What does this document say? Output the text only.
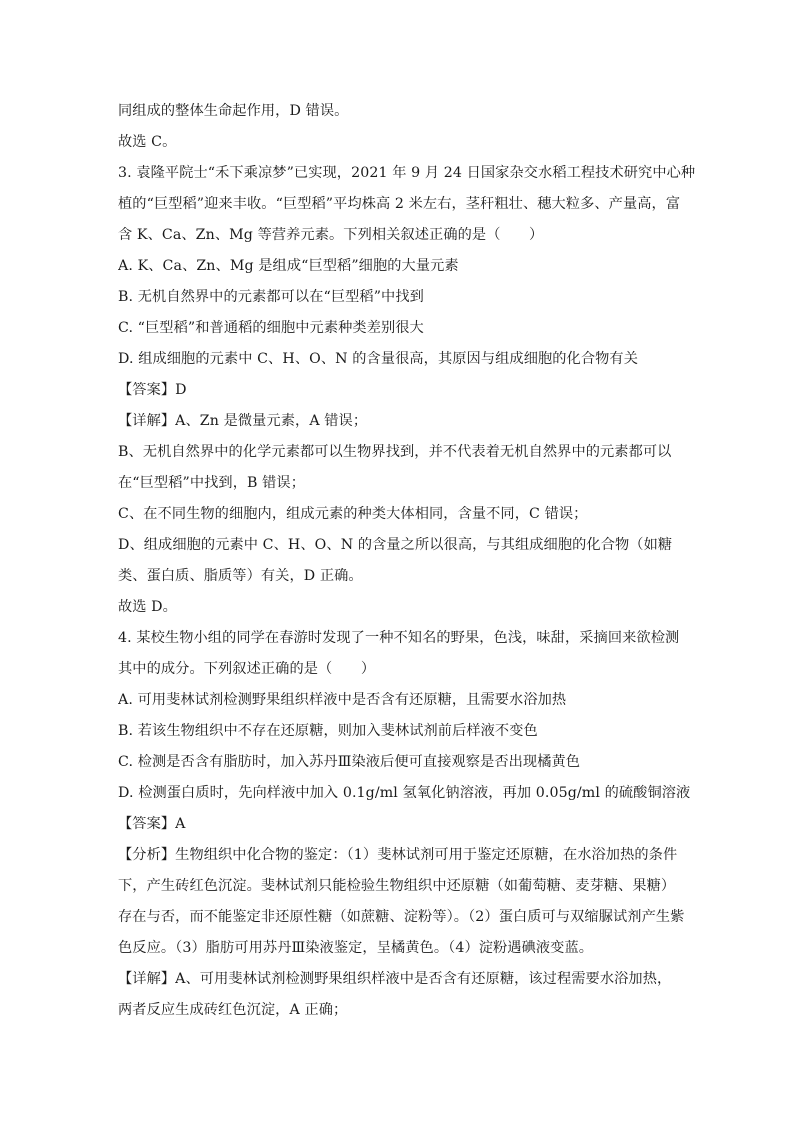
同组成的整体生命起作用，D 错误。
故选 C。
3. 袁隆平院士“禾下乘凉梦”已实现，2021 年 9 月 24 日国家杂交水稻工程技术研究中心种
植的“巨型稻”迎来丰收。“巨型稻”平均株高 2 米左右，茎秆粗壮、穗大粒多、产量高，富
含 K、Ca、Zn、Mg 等营养元素。下列相关叙述正确的是（　　）
A. K、Ca、Zn、Mg 是组成“巨型稻”细胞的大量元素
B. 无机自然界中的元素都可以在“巨型稻”中找到
C. “巨型稻”和普通稻的细胞中元素种类差别很大
D. 组成细胞的元素中 C、H、O、N 的含量很高，其原因与组成细胞的化合物有关
【答案】D
【详解】A、Zn 是微量元素，A 错误；
B、无机自然界中的化学元素都可以生物界找到，并不代表着无机自然界中的元素都可以
在“巨型稻”中找到，B 错误；
C、在不同生物的细胞内，组成元素的种类大体相同，含量不同，C 错误；
D、组成细胞的元素中 C、H、O、N 的含量之所以很高，与其组成细胞的化合物（如糖
类、蛋白质、脂质等）有关，D 正确。
故选 D。
4. 某校生物小组的同学在春游时发现了一种不知名的野果，色浅，味甜，采摘回来欲检测
其中的成分。下列叙述正确的是（　　）
A. 可用斐林试剂检测野果组织样液中是否含有还原糖，且需要水浴加热
B. 若该生物组织中不存在还原糖，则加入斐林试剂前后样液不变色
C. 检测是否含有脂肪时，加入苏丹Ⅲ染液后便可直接观察是否出现橘黄色
D. 检测蛋白质时，先向样液中加入 0.1g/ml 氢氧化钠溶液，再加 0.05g/ml 的硫酸铜溶液
【答案】A
【分析】生物组织中化合物的鉴定：（1）斐林试剂可用于鉴定还原糖，在水浴加热的条件
下，产生砖红色沉淀。斐林试剂只能检验生物组织中还原糖（如葡萄糖、麦芽糖、果糖）
存在与否，而不能鉴定非还原性糖（如蔗糖、淀粉等）。（2）蛋白质可与双缩脲试剂产生紫
色反应。（3）脂肪可用苏丹Ⅲ染液鉴定，呈橘黄色。（4）淀粉遇碘液变蓝。
【详解】A、可用斐林试剂检测野果组织样液中是否含有还原糖，该过程需要水浴加热，
两者反应生成砖红色沉淀，A 正确；
